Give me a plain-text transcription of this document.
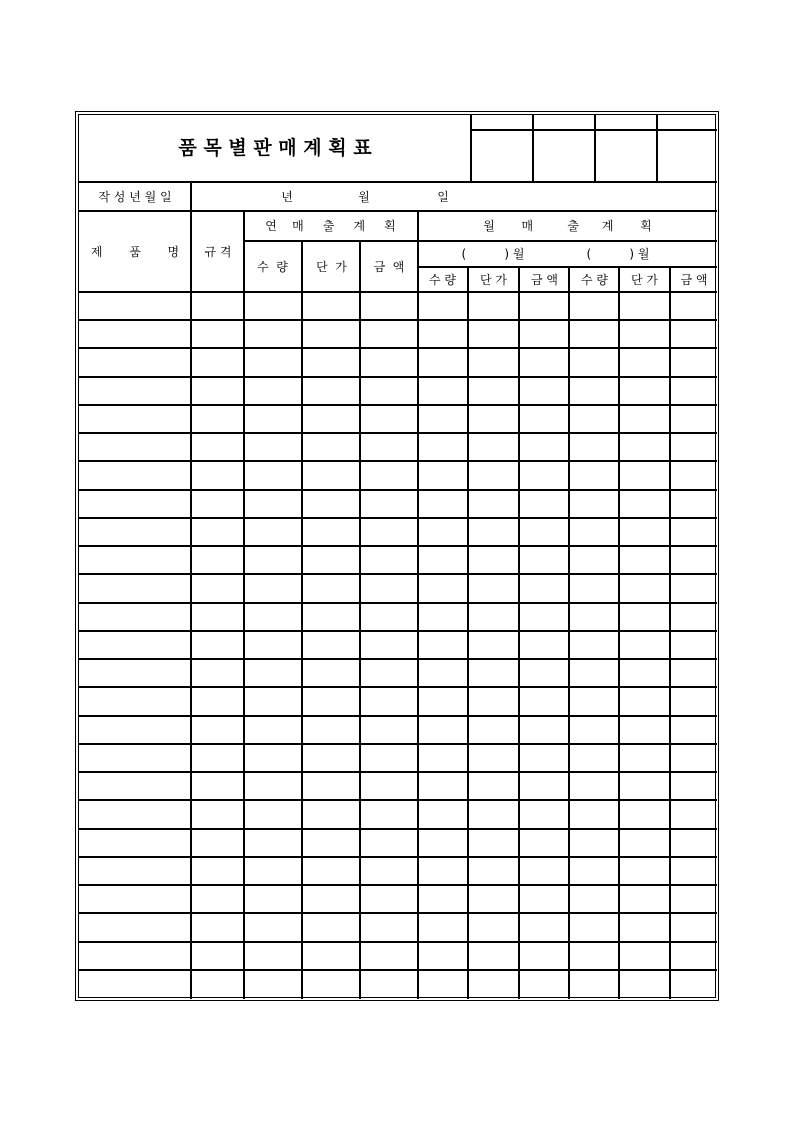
품 목 별 판 매 계 획 표
작 성 년 월 일	년	월	일
제       품       명	규 격
연    매     출     계     획	월       매         출      계       획
(          ) 월	(          ) 월
수  량	단  가	금  액
수 량	단 가	금 액	수 량	단 가	금 액
